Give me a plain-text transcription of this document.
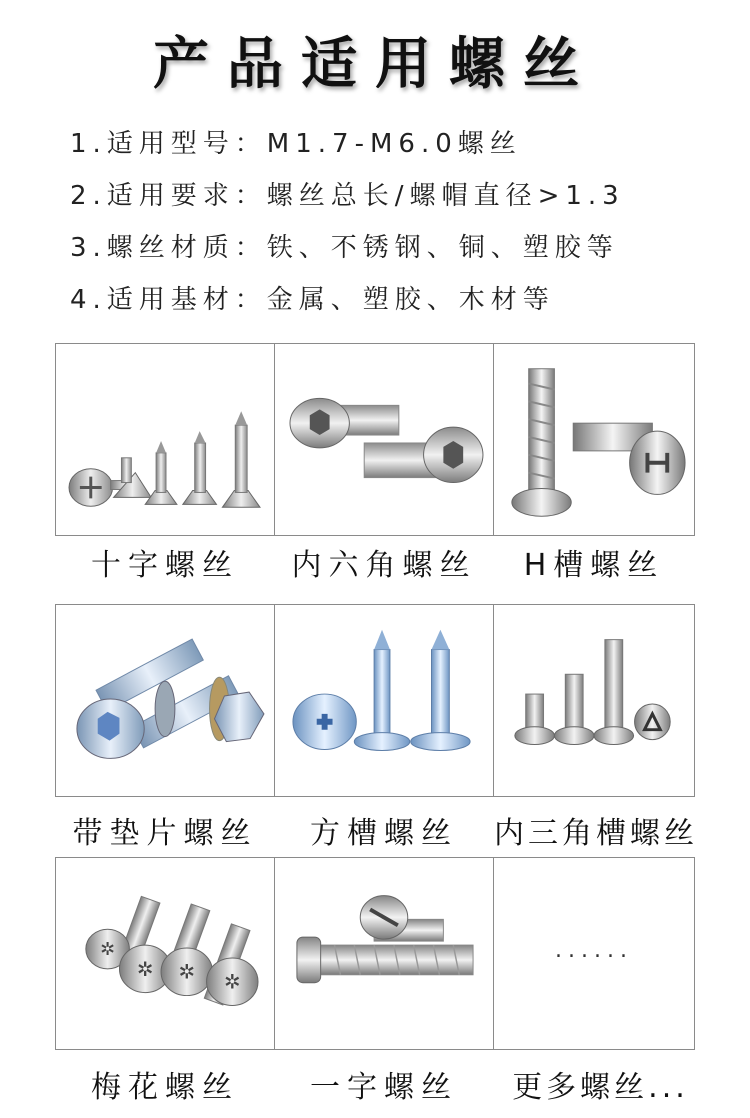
产品适用螺丝
1.适用型号：M1.7-M6.0螺丝
2.适用要求：螺丝总长/螺帽直径>1.3
3.螺丝材质：铁、不锈钢、铜、塑胶等
4.适用基材：金属、塑胶、木材等
十字螺丝	内六角螺丝	H槽螺丝
带垫片螺丝	方槽螺丝	内三角槽螺丝
✲
✲ ✲ ✲
......
梅花螺丝	一字螺丝	更多螺丝...
